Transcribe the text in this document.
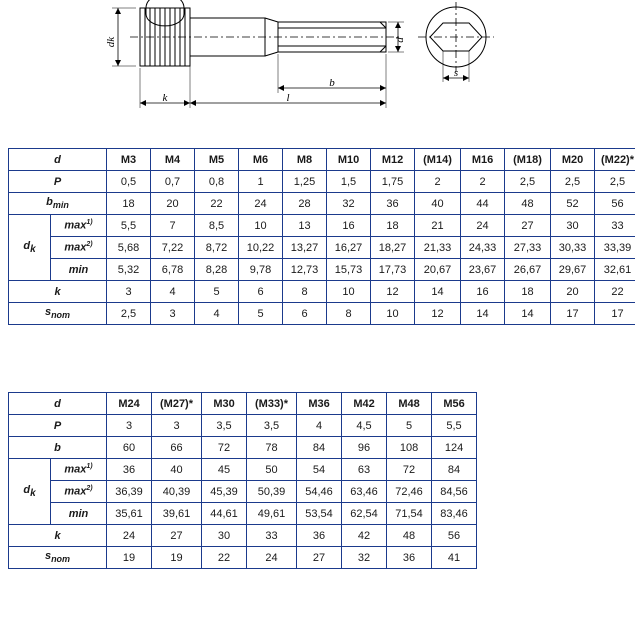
dk	d
s
k	l
b
d		M3	M4	M5	M6	M8	M10	M12	(M14)	M16	(M18)	M20	(M22)*
P		0,5	0,7	0,8	1	1,25	1,5	1,75	2	2	2,5	2,5	2,5
$b_{min}$		18	20	22	24	28	32	36	40	44	48	52	56
$d_k$	$\max^{1)}$	5,5	7	8,5	10	13	16	18	21	24	27	30	33
	$\max^{2)}$	5,68	7,22	8,72	10,22	13,27	16,27	18,27	21,33	24,33	27,33	30,33	33,39
	min	5,32	6,78	8,28	9,78	12,73	15,73	17,73	20,67	23,67	26,67	29,67	32,61
k		3	4	5	6	8	10	12	14	16	18	20	22
$s_{nom}$		2,5	3	4	5	6	8	10	12	14	14	17	17
d		M24	(M27)*	M30	(M33)*	M36	M42	M48	M56
P		3	3	3,5	3,5	4	4,5	5	5,5
b		60	66	72	78	84	96	108	124
$d_k$	$\max^{1)}$	36	40	45	50	54	63	72	84
	$\max^{2)}$	36,39	40,39	45,39	50,39	54,46	63,46	72,46	84,56
	min	35,61	39,61	44,61	49,61	53,54	62,54	71,54	83,46
k		24	27	30	33	36	42	48	56
$s_{nom}$		19	19	22	24	27	32	36	41
